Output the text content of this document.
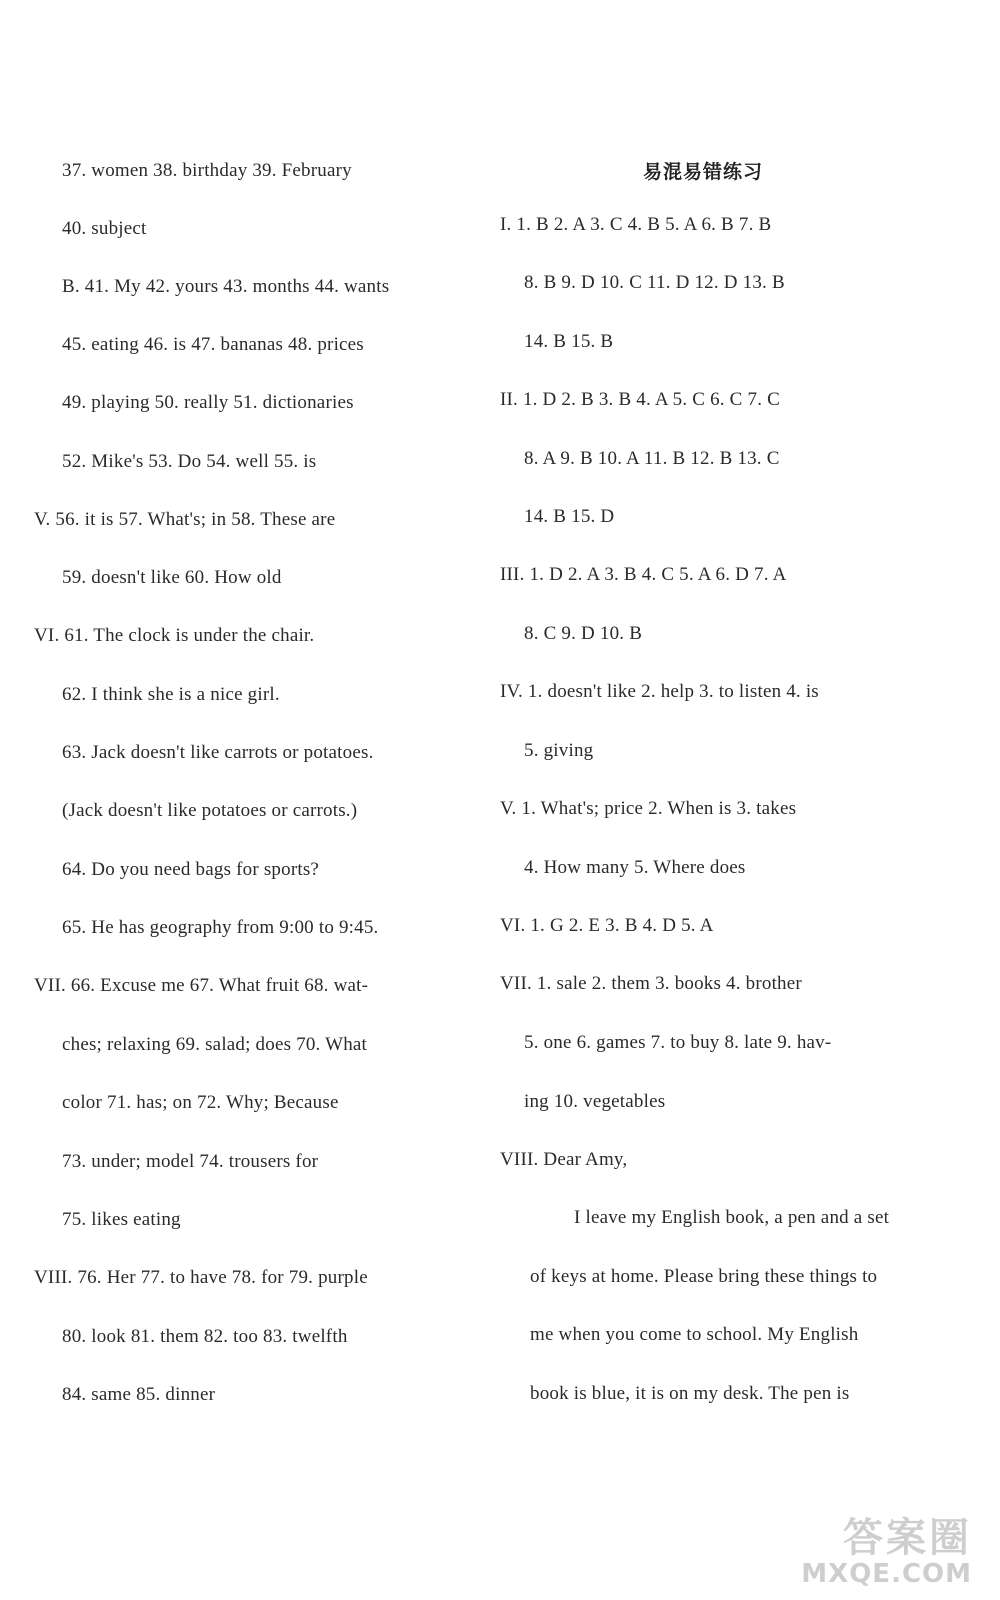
37. women 38. birthday 39. February
40. subject
B. 41. My 42. yours 43. months 44. wants
45. eating 46. is 47. bananas 48. prices
49. playing 50. really 51. dictionaries
52. Mike's 53. Do 54. well 55. is
V. 56. it is 57. What's; in 58. These are
59. doesn't like 60. How old
VI. 61. The clock is under the chair.
62. I think she is a nice girl.
63. Jack doesn't like carrots or potatoes.
(Jack doesn't like potatoes or carrots.)
64. Do you need bags for sports?
65. He has geography from 9:00 to 9:45.
VII. 66. Excuse me 67. What fruit 68. wat-
ches; relaxing 69. salad; does 70. What
color 71. has; on 72. Why; Because
73. under; model 74. trousers for
75. likes eating
VIII. 76. Her 77. to have 78. for 79. purple
80. look 81. them 82. too 83. twelfth
84. same 85. dinner
易混易错练习
I. 1. B 2. A 3. C 4. B 5. A 6. B 7. B
8. B 9. D 10. C 11. D 12. D 13. B
14. B 15. B
II. 1. D 2. B 3. B 4. A 5. C 6. C 7. C
8. A 9. B 10. A 11. B 12. B 13. C
14. B 15. D
III. 1. D 2. A 3. B 4. C 5. A 6. D 7. A
8. C 9. D 10. B
IV. 1. doesn't like 2. help 3. to listen 4. is
5. giving
V. 1. What's; price 2. When is 3. takes
4. How many 5. Where does
VI. 1. G 2. E 3. B 4. D 5. A
VII. 1. sale 2. them 3. books 4. brother
5. one 6. games 7. to buy 8. late 9. hav-
ing 10. vegetables
VIII. Dear Amy,
I leave my English book, a pen and a set
of keys at home. Please bring these things to
me when you come to school. My English
book is blue, it is on my desk. The pen is
答案圈
MXQE.COM
